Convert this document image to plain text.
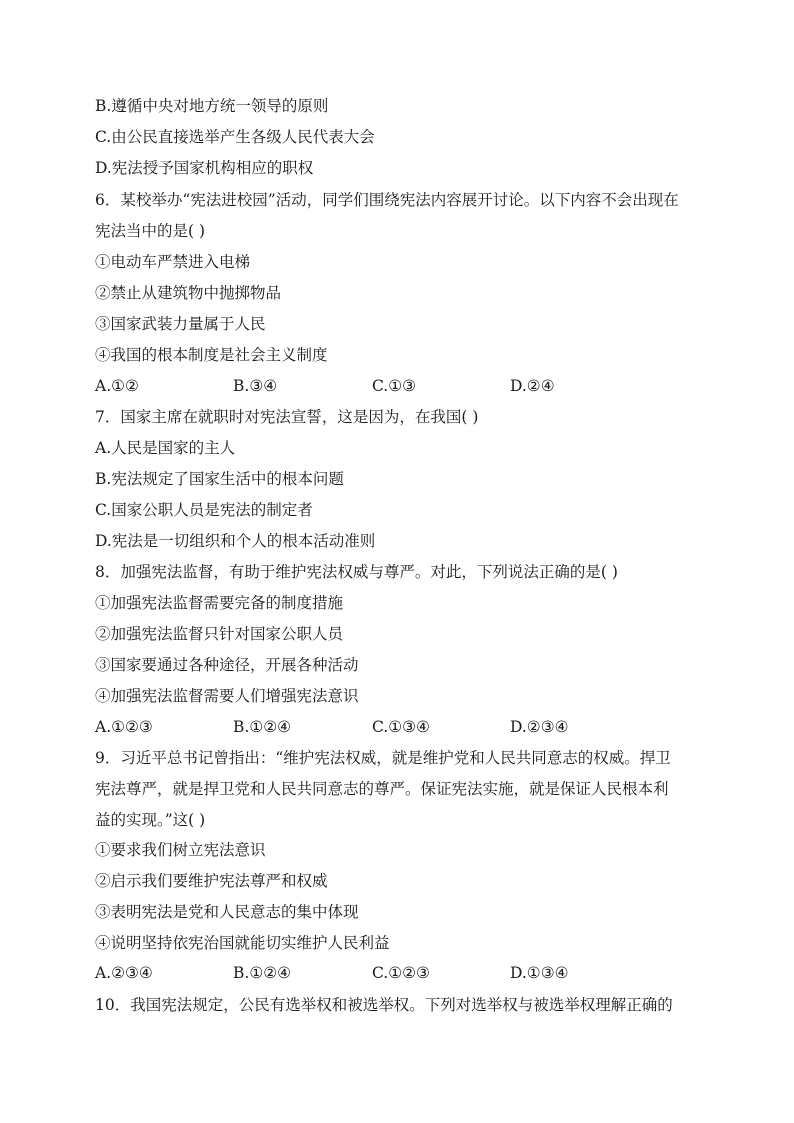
B.遵循中央对地方统一领导的原则
C.由公民直接选举产生各级人民代表大会
D.宪法授予国家机构相应的职权
6．某校举办“宪法进校园”活动，同学们围绕宪法内容展开讨论。以下内容不会出现在
宪法当中的是( )
①电动车严禁进入电梯
②禁止从建筑物中抛掷物品
③国家武装力量属于人民
④我国的根本制度是社会主义制度
A.①②	B.③④	C.①③	D.②④
7．国家主席在就职时对宪法宣誓，这是因为，在我国( )
A.人民是国家的主人
B.宪法规定了国家生活中的根本问题
C.国家公职人员是宪法的制定者
D.宪法是一切组织和个人的根本活动准则
8．加强宪法监督，有助于维护宪法权威与尊严。对此，下列说法正确的是( )
①加强宪法监督需要完备的制度措施
②加强宪法监督只针对国家公职人员
③国家要通过各种途径，开展各种活动
④加强宪法监督需要人们增强宪法意识
A.①②③	B.①②④	C.①③④	D.②③④
9．习近平总书记曾指出：“维护宪法权威，就是维护党和人民共同意志的权威。捍卫
宪法尊严，就是捍卫党和人民共同意志的尊严。保证宪法实施，就是保证人民根本利
益的实现。”这( )
①要求我们树立宪法意识
②启示我们要维护宪法尊严和权威
③表明宪法是党和人民意志的集中体现
④说明坚持依宪治国就能切实维护人民利益
A.②③④	B.①②④	C.①②③	D.①③④
10．我国宪法规定，公民有选举权和被选举权。下列对选举权与被选举权理解正确的
